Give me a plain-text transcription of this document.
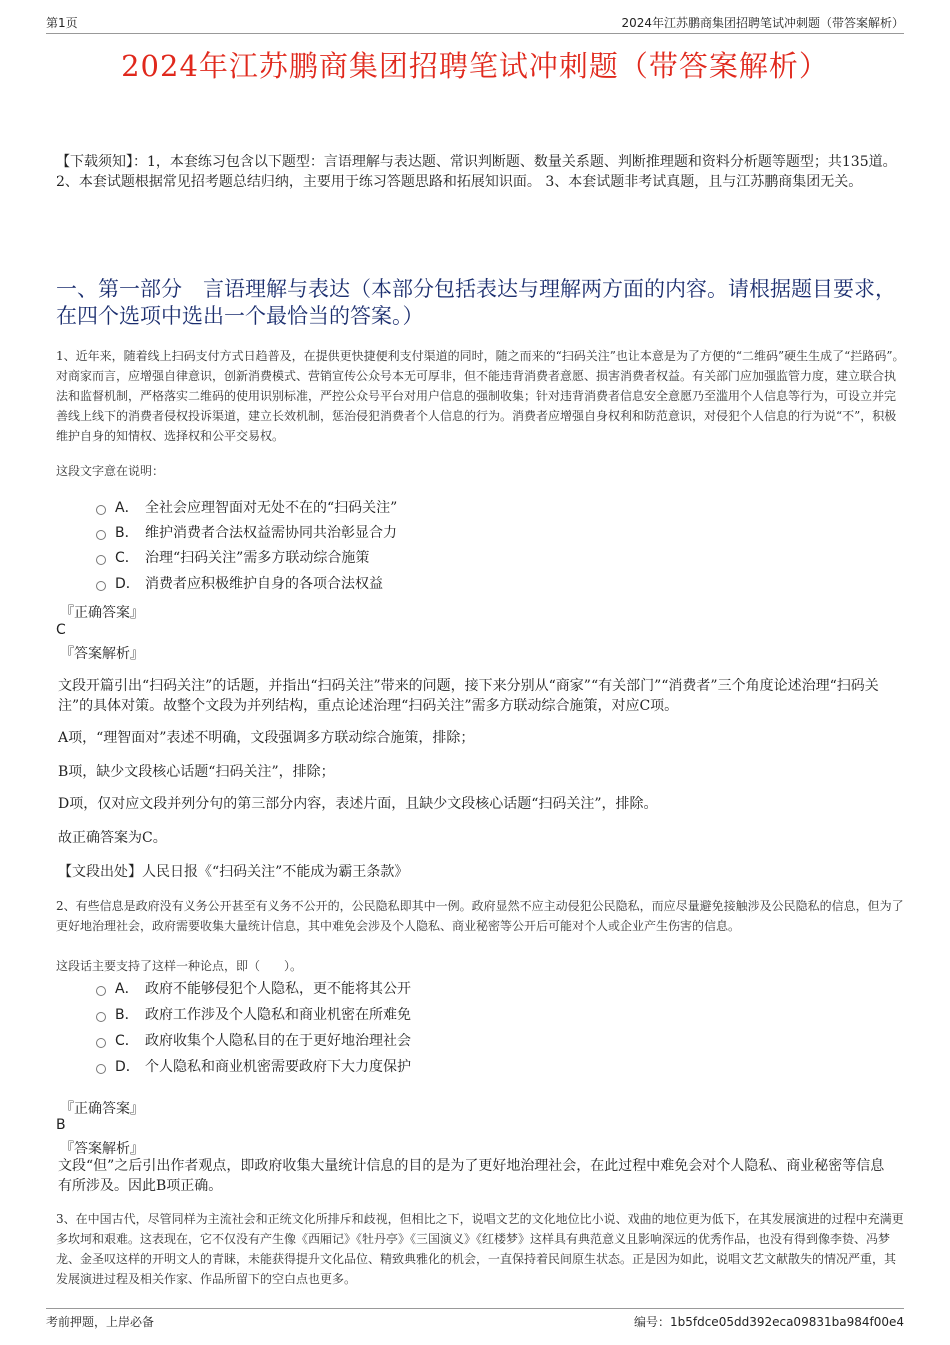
第1页	2024年江苏鹏商集团招聘笔试冲刺题（带答案解析）
2024年江苏鹏商集团招聘笔试冲刺题（带答案解析）
【下载须知】：1，本套练习包含以下题型：言语理解与表达题、常识判断题、数量关系题、判断推理题和资料分析题等题型；共135道。 2、本套试题根据常见招考题总结归纳，主要用于练习答题思路和拓展知识面。 3、本套试题非考试真题，且与江苏鹏商集团无关。
一、第一部分　言语理解与表达（本部分包括表达与理解两方面的内容。请根据题目要求，在四个选项中选出一个最恰当的答案。）
1、近年来，随着线上扫码支付方式日趋普及，在提供更快捷便利支付渠道的同时，随之而来的“扫码关注”也让本意是为了方便的“二维码”硬生生成了“拦路码”。对商家而言，应增强自律意识，创新消费模式、营销宣传公众号本无可厚非，但不能违背消费者意愿、损害消费者权益。有关部门应加强监管力度，建立联合执法和监督机制，严格落实二维码的使用识别标准，严控公众号平台对用户信息的强制收集；针对违背消费者信息安全意愿乃至滥用个人信息等行为，可设立并完善线上线下的消费者侵权投诉渠道，建立长效机制，惩治侵犯消费者个人信息的行为。消费者应增强自身权利和防范意识，对侵犯个人信息的行为说“不”，积极维护自身的知情权、选择权和公平交易权。
这段文字意在说明：
A． 全社会应理智面对无处不在的“扫码关注”
B． 维护消费者合法权益需协同共治彰显合力
C． 治理“扫码关注”需多方联动综合施策
D． 消费者应积极维护自身的各项合法权益
『正确答案』
C
『答案解析』
文段开篇引出“扫码关注”的话题，并指出“扫码关注”带来的问题，接下来分别从“商家”“有关部门”“消费者”三个角度论述治理“扫码关注”的具体对策。故整个文段为并列结构，重点论述治理“扫码关注”需多方联动综合施策，对应C项。
A项，“理智面对”表述不明确，文段强调多方联动综合施策，排除；
B项，缺少文段核心话题“扫码关注”，排除；
D项，仅对应文段并列分句的第三部分内容，表述片面，且缺少文段核心话题“扫码关注”，排除。
故正确答案为C。
【文段出处】人民日报《“扫码关注”不能成为霸王条款》
2、有些信息是政府没有义务公开甚至有义务不公开的，公民隐私即其中一例。政府显然不应主动侵犯公民隐私，而应尽量避免接触涉及公民隐私的信息，但为了更好地治理社会，政府需要收集大量统计信息，其中难免会涉及个人隐私、商业秘密等公开后可能对个人或企业产生伤害的信息。
这段话主要支持了这样一种论点，即（　　）。
A． 政府不能够侵犯个人隐私，更不能将其公开
B． 政府工作涉及个人隐私和商业机密在所难免
C． 政府收集个人隐私目的在于更好地治理社会
D． 个人隐私和商业机密需要政府下大力度保护
『正确答案』
B
『答案解析』
文段“但”之后引出作者观点，即政府收集大量统计信息的目的是为了更好地治理社会，在此过程中难免会对个人隐私、商业秘密等信息有所涉及。因此B项正确。
3、在中国古代，尽管同样为主流社会和正统文化所排斥和歧视，但相比之下，说唱文艺的文化地位比小说、戏曲的地位更为低下，在其发展演进的过程中充满更多坎坷和艰难。这表现在，它不仅没有产生像《西厢记》《牡丹亭》《三国演义》《红楼梦》这样具有典范意义且影响深远的优秀作品，也没有得到像李贽、冯梦龙、金圣叹这样的开明文人的青睐，未能获得提升文化品位、精致典雅化的机会，一直保持着民间原生状态。正是因为如此，说唱文艺文献散失的情况严重，其发展演进过程及相关作家、作品所留下的空白点也更多。
考前押题，上岸必备	编号：1b5fdce05dd392eca09831ba984f00e4
